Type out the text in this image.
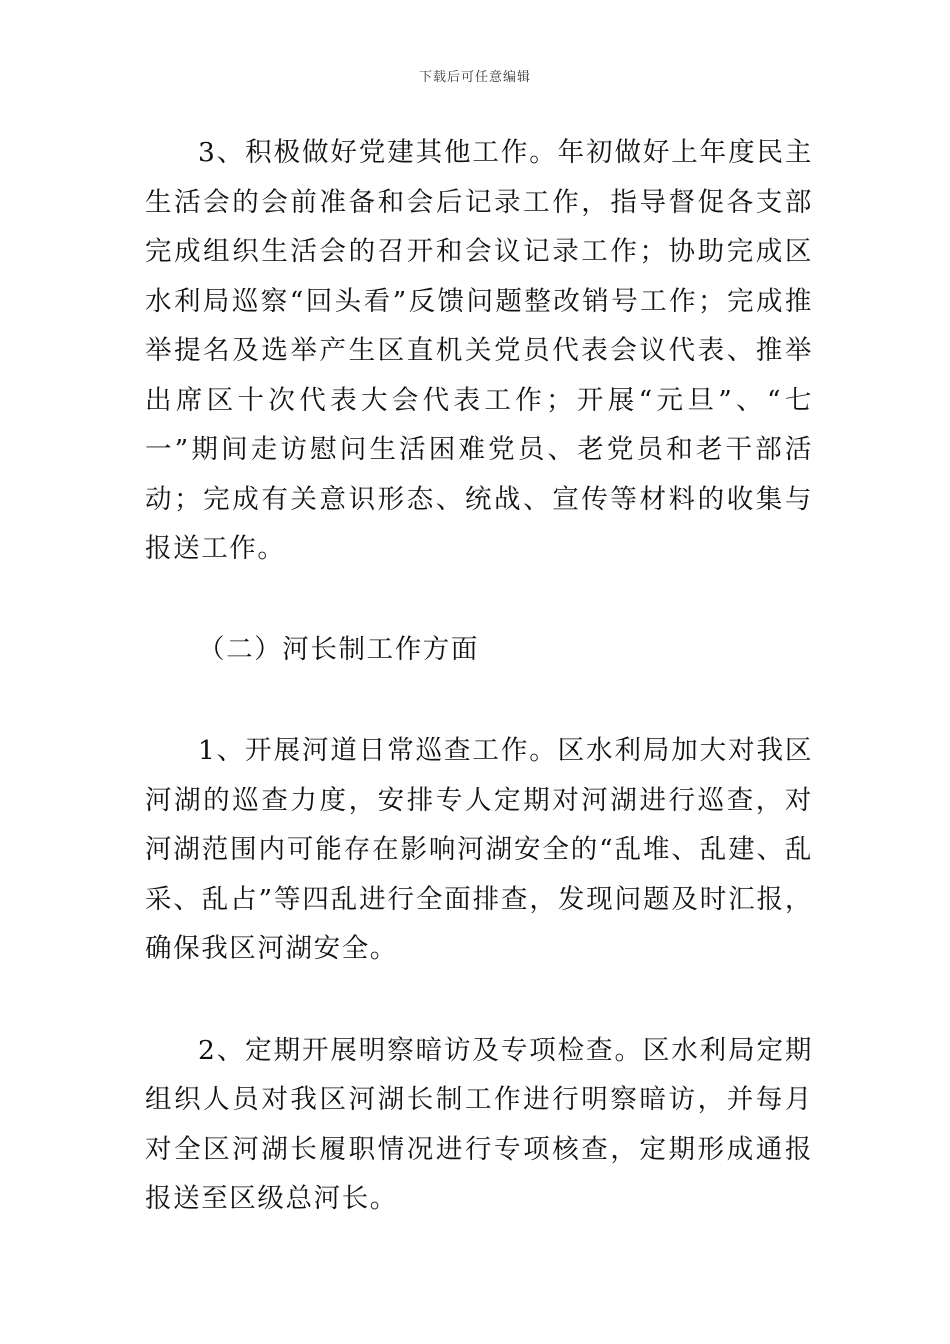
下载后可任意编辑

3、积极做好党建其他工作。年初做好上年度民主生活会的会前准备和会后记录工作，指导督促各支部完成组织生活会的召开和会议记录工作；协助完成区水利局巡察“回头看”反馈问题整改销号工作；完成推举提名及选举产生区直机关党员代表会议代表、推举出席区十次代表大会代表工作；开展“元旦”、“七一”期间走访慰问生活困难党员、老党员和老干部活动；完成有关意识形态、统战、宣传等材料的收集与报送工作。

（二）河长制工作方面

1、开展河道日常巡查工作。区水利局加大对我区河湖的巡查力度，安排专人定期对河湖进行巡查，对河湖范围内可能存在影响河湖安全的“乱堆、乱建、乱采、乱占”等四乱进行全面排查，发现问题及时汇报，确保我区河湖安全。

2、定期开展明察暗访及专项检查。区水利局定期组织人员对我区河湖长制工作进行明察暗访，并每月对全区河湖长履职情况进行专项核查，定期形成通报报送至区级总河长。
